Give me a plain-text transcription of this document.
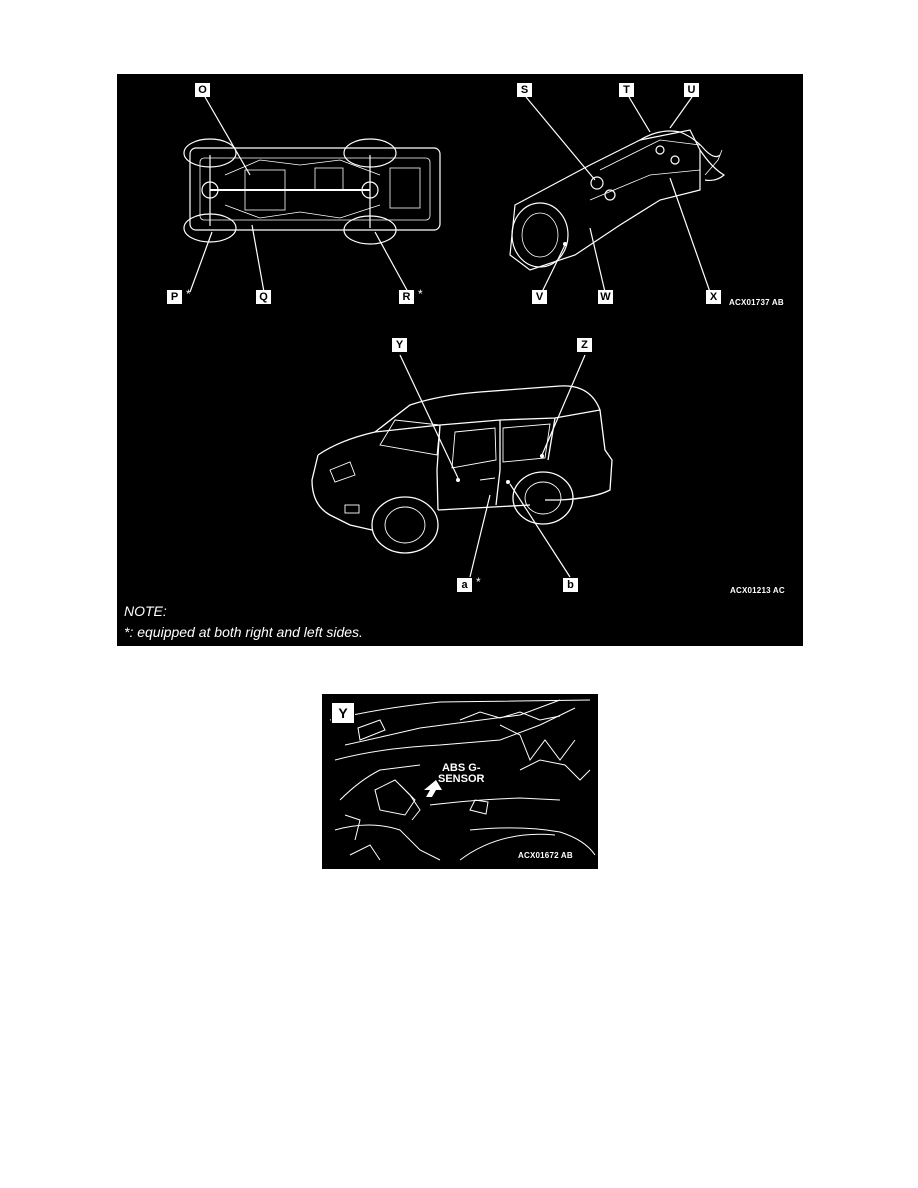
O	S	T	U
P *	Q	R *	V	W	X	ACX01737 AB
Y	Z
a *	b	ACX01213 AC
NOTE:
*: equipped at both right and left sides.
Y
ABS G-
SENSOR
ACX01672 AB
